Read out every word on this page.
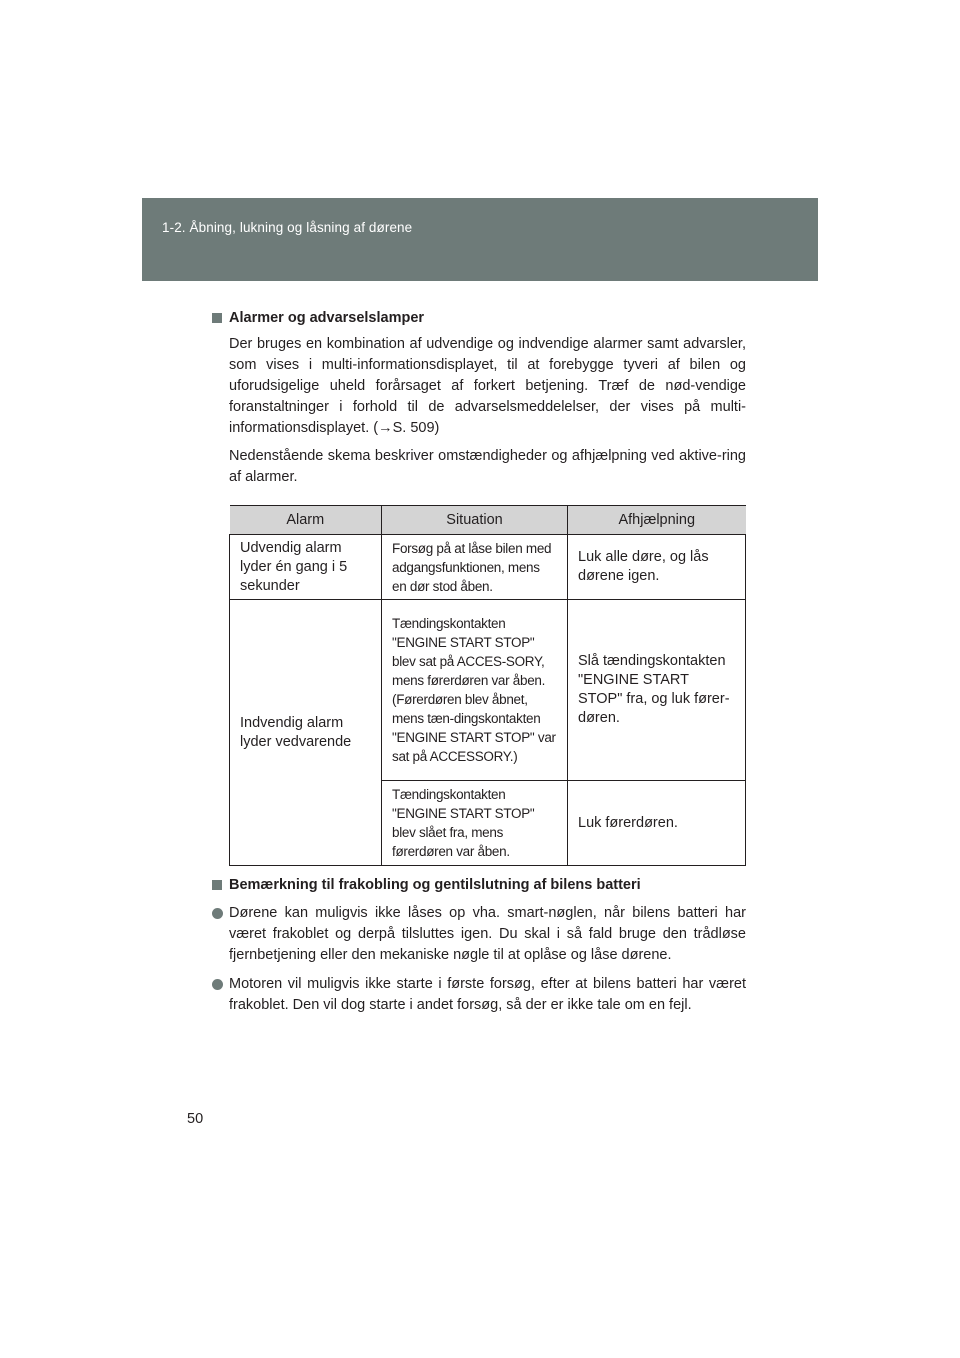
1-2. Åbning, lukning og låsning af dørene
Alarmer og advarselslamper

Der bruges en kombination af udvendige og indvendige alarmer samt advarsler, som vises i multi-informationsdisplayet, til at forebygge tyveri af bilen og uforudsigelige uheld forårsaget af forkert betjening. Træf de nød-vendige foranstaltninger i forhold til de advarselsmeddelelser, der vises på multi-informationsdisplayet. (→S. 509)

Nedenstående skema beskriver omstændigheder og afhjælpning ved aktive-ring af alarmer.

Alarm	Situation	Afhjælpning
Udvendig alarm lyder én gang i 5 sekunder	Forsøg på at låse bilen med adgangsfunktionen, mens en dør stod åben.	Luk alle døre, og lås dørene igen.
Indvendig alarm lyder vedvarende	Tændingskontakten "ENGINE START STOP" blev sat på ACCES-SORY, mens førerdøren var åben. (Førerdøren blev åbnet, mens tæn-dingskontakten "ENGINE START STOP" var sat på ACCESSORY.)	Slå tændingskontakten "ENGINE START STOP" fra, og luk fører-døren.
	Tændingskontakten "ENGINE START STOP" blev slået fra, mens førerdøren var åben.	Luk førerdøren.
Bemærkning til frakobling og gentilslutning af bilens batteri
Dørene kan muligvis ikke låses op vha. smart-nøglen, når bilens batteri har været frakoblet og derpå tilsluttes igen. Du skal i så fald bruge den trådløse fjernbetjening eller den mekaniske nøgle til at oplåse og låse dørene.
Motoren vil muligvis ikke starte i første forsøg, efter at bilens batteri har været frakoblet. Den vil dog starte i andet forsøg, så der er ikke tale om en fejl.
50
